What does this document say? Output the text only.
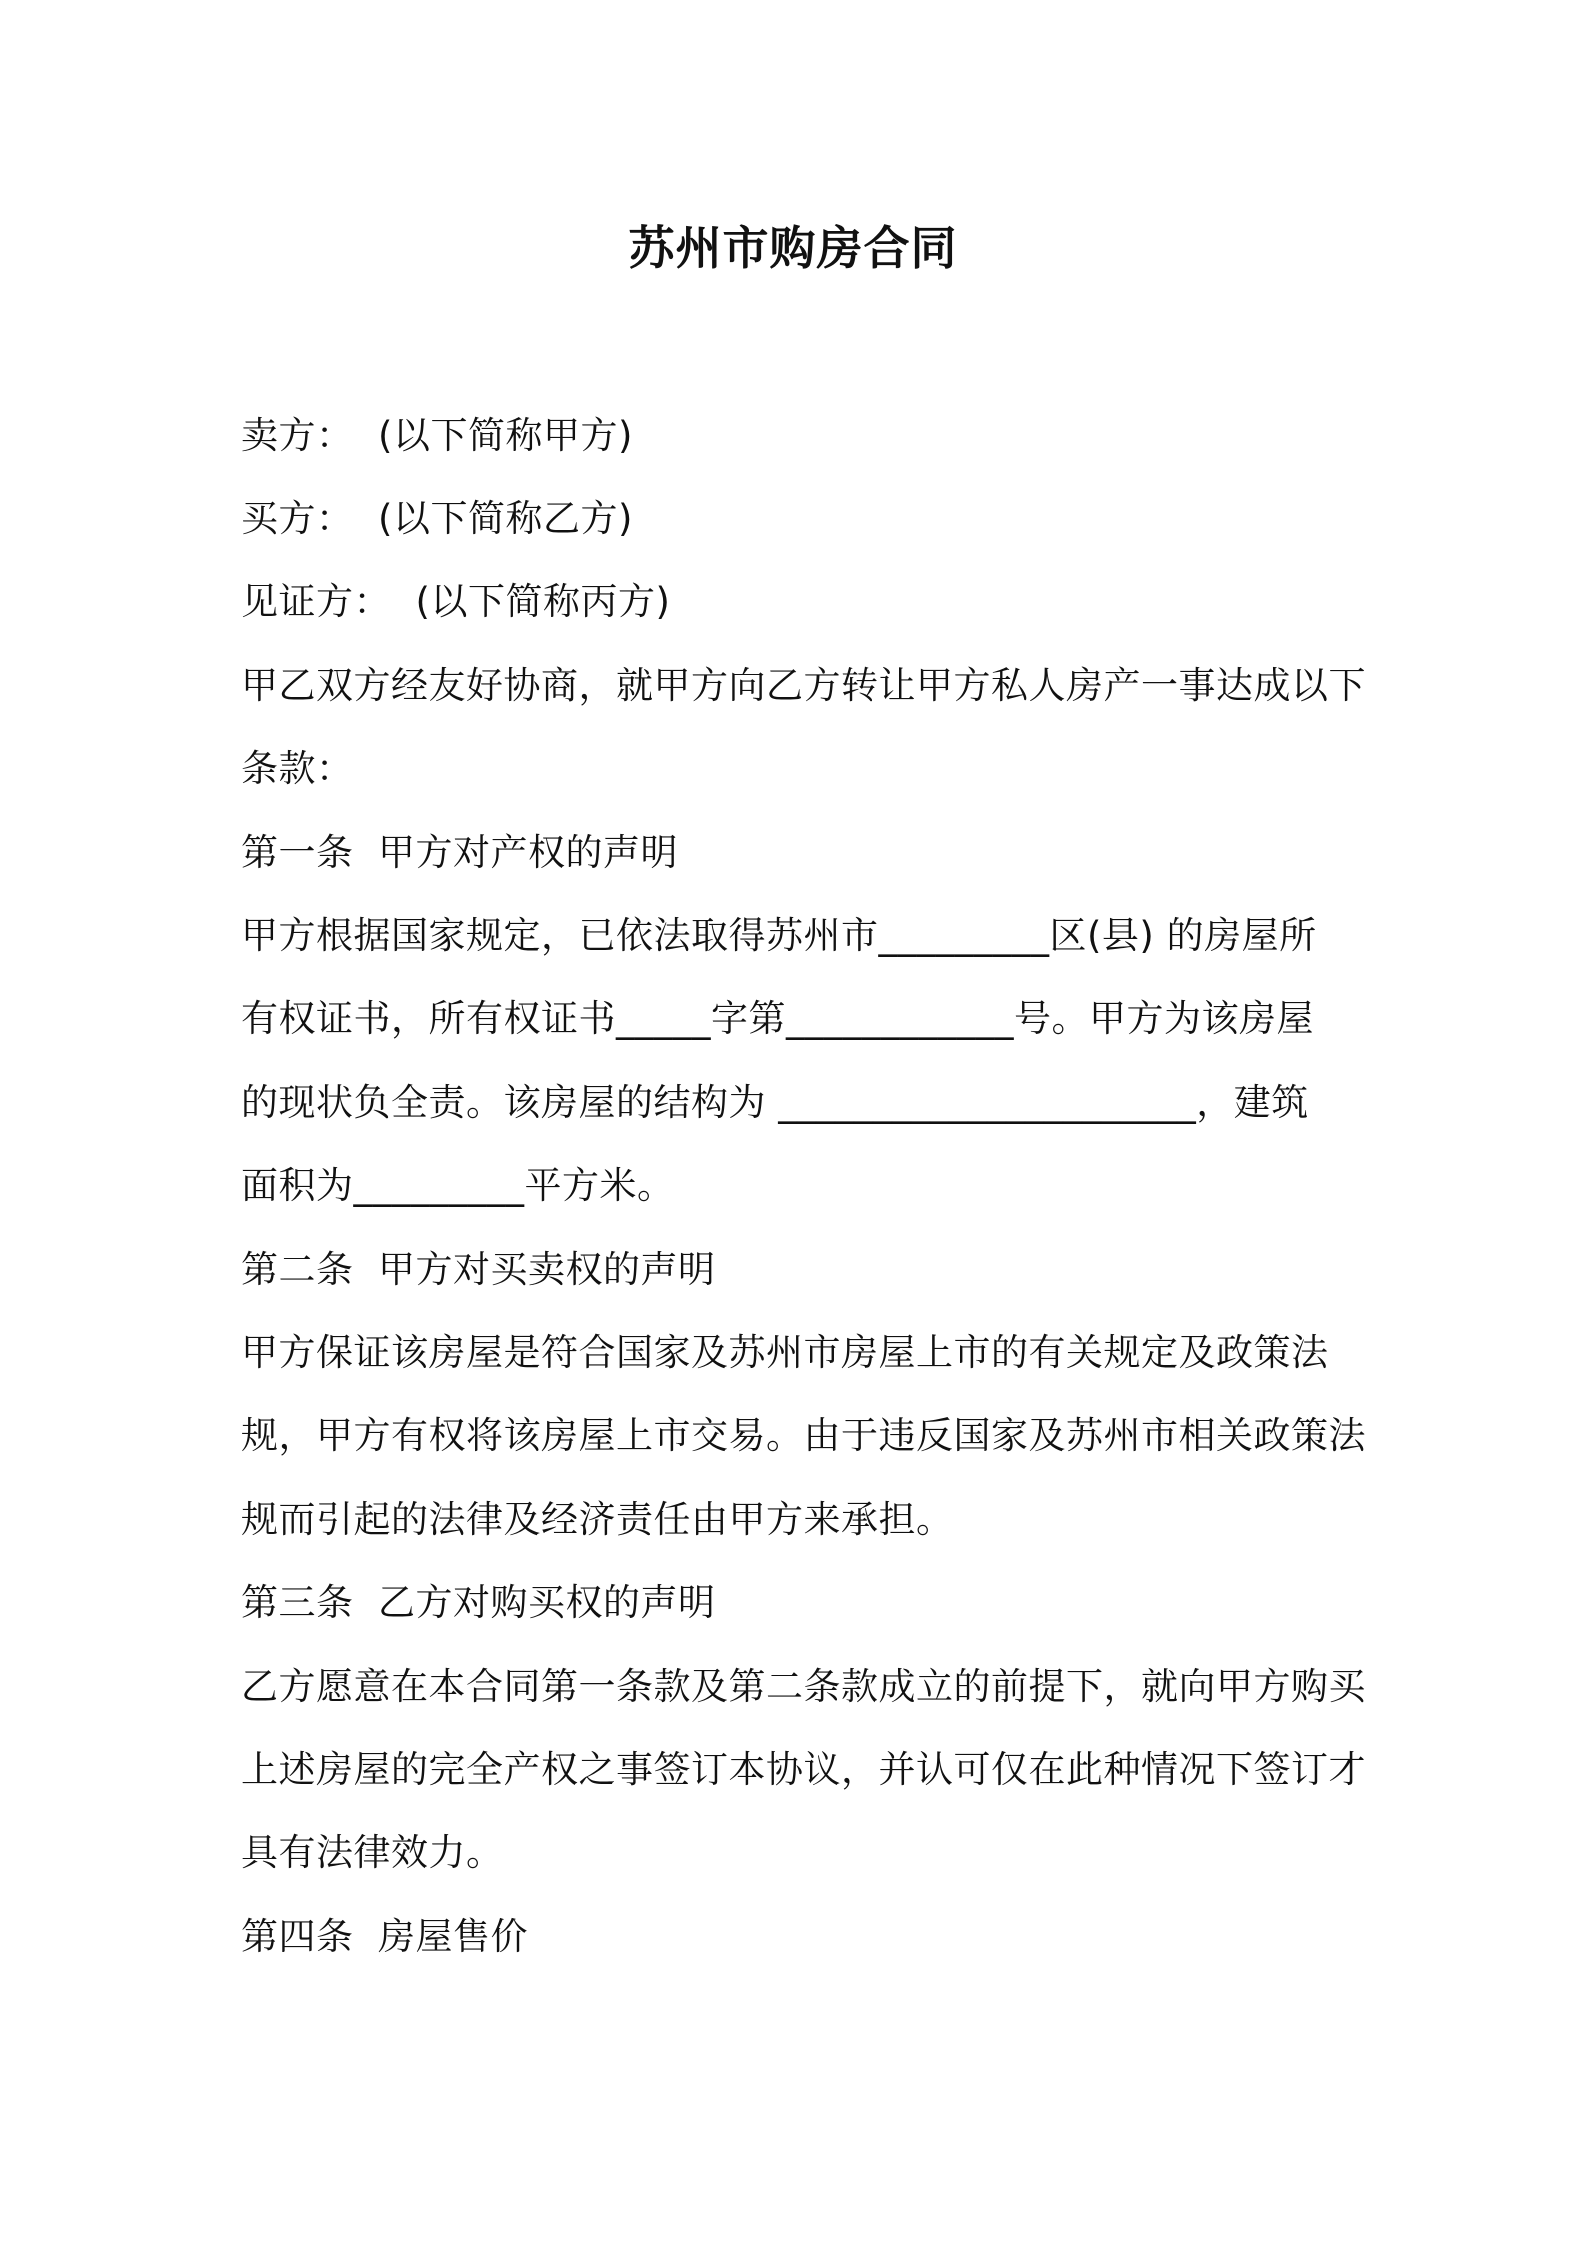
苏州市购房合同
卖方：  (以下简称甲方)
买方：  (以下简称乙方)
见证方：  (以下简称丙方)
甲乙双方经友好协商，就甲方向乙方转让甲方私人房产一事达成以下
条款：
第一条  甲方对产权的声明
甲方根据国家规定，已依法取得苏州市_________区(县) 的房屋所
有权证书，所有权证书_____字第____________号。甲方为该房屋
的现状负全责。该房屋的结构为 ______________________，建筑
面积为_________平方米。
第二条  甲方对买卖权的声明
甲方保证该房屋是符合国家及苏州市房屋上市的有关规定及政策法
规，甲方有权将该房屋上市交易。由于违反国家及苏州市相关政策法
规而引起的法律及经济责任由甲方来承担。
第三条  乙方对购买权的声明
乙方愿意在本合同第一条款及第二条款成立的前提下，就向甲方购买
上述房屋的完全产权之事签订本协议，并认可仅在此种情况下签订才
具有法律效力。
第四条  房屋售价
